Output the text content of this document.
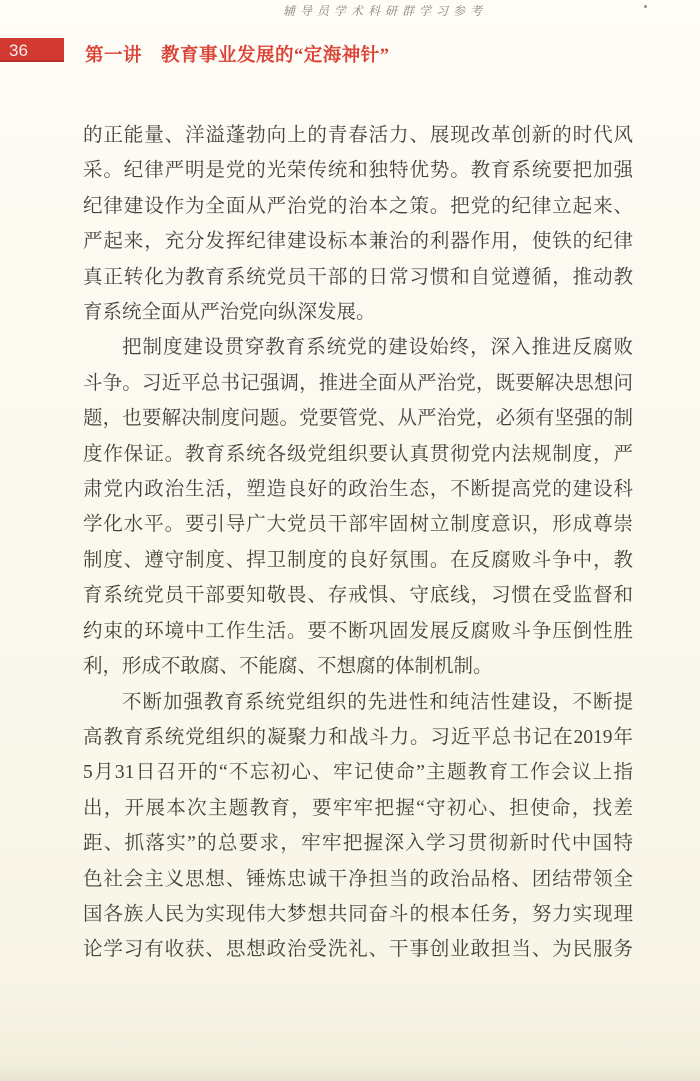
辅导员学术科研群学习参考
36	第一讲　教育事业发展的“定海神针”
的正能量、洋溢蓬勃向上的青春活力、展现改革创新的时代风
采。纪律严明是党的光荣传统和独特优势。教育系统要把加强
纪律建设作为全面从严治党的治本之策。把党的纪律立起来、
严起来，充分发挥纪律建设标本兼治的利器作用，使铁的纪律
真正转化为教育系统党员干部的日常习惯和自觉遵循，推动教
育系统全面从严治党向纵深发展。
把制度建设贯穿教育系统党的建设始终，深入推进反腐败
斗争。习近平总书记强调，推进全面从严治党，既要解决思想问
题，也要解决制度问题。党要管党、从严治党，必须有坚强的制
度作保证。教育系统各级党组织要认真贯彻党内法规制度，严
肃党内政治生活，塑造良好的政治生态，不断提高党的建设科
学化水平。要引导广大党员干部牢固树立制度意识，形成尊崇
制度、遵守制度、捍卫制度的良好氛围。在反腐败斗争中，教
育系统党员干部要知敬畏、存戒惧、守底线，习惯在受监督和
约束的环境中工作生活。要不断巩固发展反腐败斗争压倒性胜
利，形成不敢腐、不能腐、不想腐的体制机制。
不断加强教育系统党组织的先进性和纯洁性建设，不断提
高教育系统党组织的凝聚力和战斗力。习近平总书记在2019年
5月31日召开的“不忘初心、牢记使命”主题教育工作会议上指
出，开展本次主题教育，要牢牢把握“守初心、担使命，找差
距、抓落实”的总要求，牢牢把握深入学习贯彻新时代中国特
色社会主义思想、锤炼忠诚干净担当的政治品格、团结带领全
国各族人民为实现伟大梦想共同奋斗的根本任务，努力实现理
论学习有收获、思想政治受洗礼、干事创业敢担当、为民服务
